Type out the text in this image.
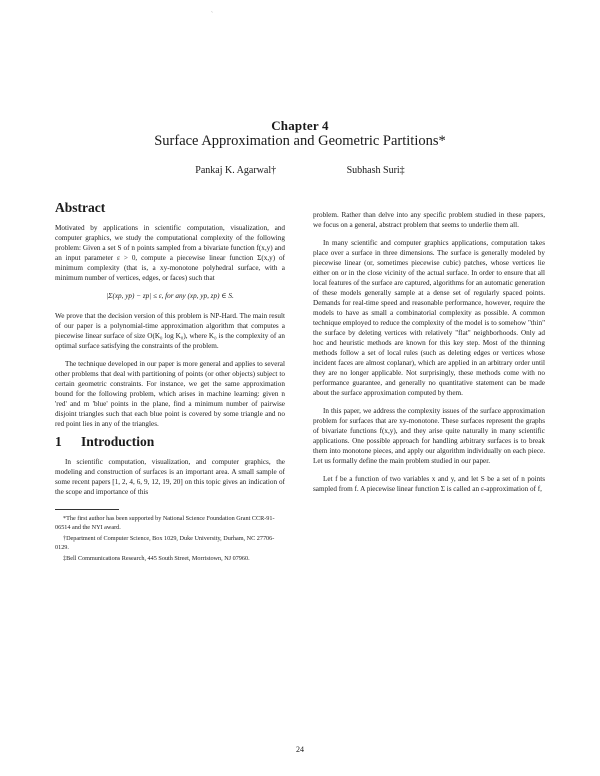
`
Chapter 4
Surface Approximation and Geometric Partitions*
Pankaj K. Agarwal†	Subhash Suri‡
Abstract

Motivated by applications in scientific computation, visualization, and computer graphics, we study the computational complexity of the following problem: Given a set S of n points sampled from a bivariate function f(x,y) and an input parameter ε > 0, compute a piecewise linear function Σ(x,y) of minimum complexity (that is, a xy-monotone polyhedral surface, with a minimum number of vertices, edges, or faces) such that

|Σ(xp, yp) − zp| ≤ ε, for any (xp, yp, zp) ∈ S.

We prove that the decision version of this problem is NP-Hard. The main result of our paper is a polynomial-time approximation algorithm that computes a piecewise linear surface of size O(K₀ log K₀), where K₀ is the complexity of an optimal surface satisfying the constraints of the problem.

The technique developed in our paper is more general and applies to several other problems that deal with partitioning of points (or other objects) subject to certain geometric constraints. For instance, we get the same approximation bound for the following problem, which arises in machine learning: given n 'red' and m 'blue' points in the plane, find a minimum number of pairwise disjoint triangles such that each blue point is covered by some triangle and no red point lies in any of the triangles.

1 Introduction

In scientific computation, visualization, and computer graphics, the modeling and construction of surfaces is an important area. A small sample of some recent papers [1, 2, 4, 6, 9, 12, 19, 20] on this topic gives an indication of the scope and importance of this

*The first author has been supported by National Science Foundation Grant CCR-91-06514 and the NYI award.

†Department of Computer Science, Box 1029, Duke University, Durham, NC 27706-0129.

‡Bell Communications Research, 445 South Street, Morristown, NJ 07960.

problem. Rather than delve into any specific problem studied in these papers, we focus on a general, abstract problem that seems to underlie them all.

In many scientific and computer graphics applications, computation takes place over a surface in three dimensions. The surface is generally modeled by piecewise linear (or, sometimes piecewise cubic) patches, whose vertices lie either on or in the close vicinity of the actual surface. In order to ensure that all local features of the surface are captured, algorithms for an automatic generation of these models generally sample at a dense set of regularly spaced points. Demands for real-time speed and reasonable performance, however, require the models to have as small a combinatorial complexity as possible. A common technique employed to reduce the complexity of the model is to somehow "thin" the surface by deleting vertices with relatively "flat" neighborhoods. Only ad hoc and heuristic methods are known for this key step. Most of the thinning methods follow a set of local rules (such as deleting edges or vertices whose incident faces are almost coplanar), which are applied in an arbitrary order until they are no longer applicable. Not surprisingly, these methods come with no performance guarantee, and generally no quantitative statement can be made about the surface approximation computed by them.

In this paper, we address the complexity issues of the surface approximation problem for surfaces that are xy-monotone. These surfaces represent the graphs of bivariate functions f(x,y), and they arise quite naturally in many scientific applications. One possible approach for handling arbitrary surfaces is to break them into monotone pieces, and apply our algorithm individually on each piece. Let us formally define the main problem studied in our paper.

Let f be a function of two variables x and y, and let S be a set of n points sampled from f. A piecewise linear function Σ is called an ε-approximation of f,

24
